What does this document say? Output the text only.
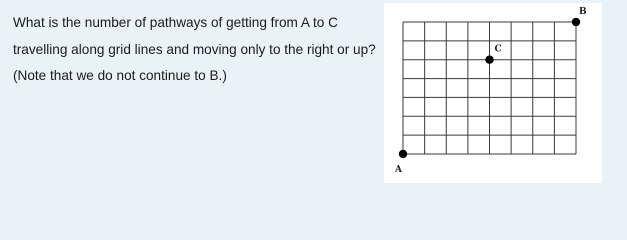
What is the number of pathways of getting from A to C travelling along grid lines and moving only to the right or up? (Note that we do not continue to B.)

A
C
B
